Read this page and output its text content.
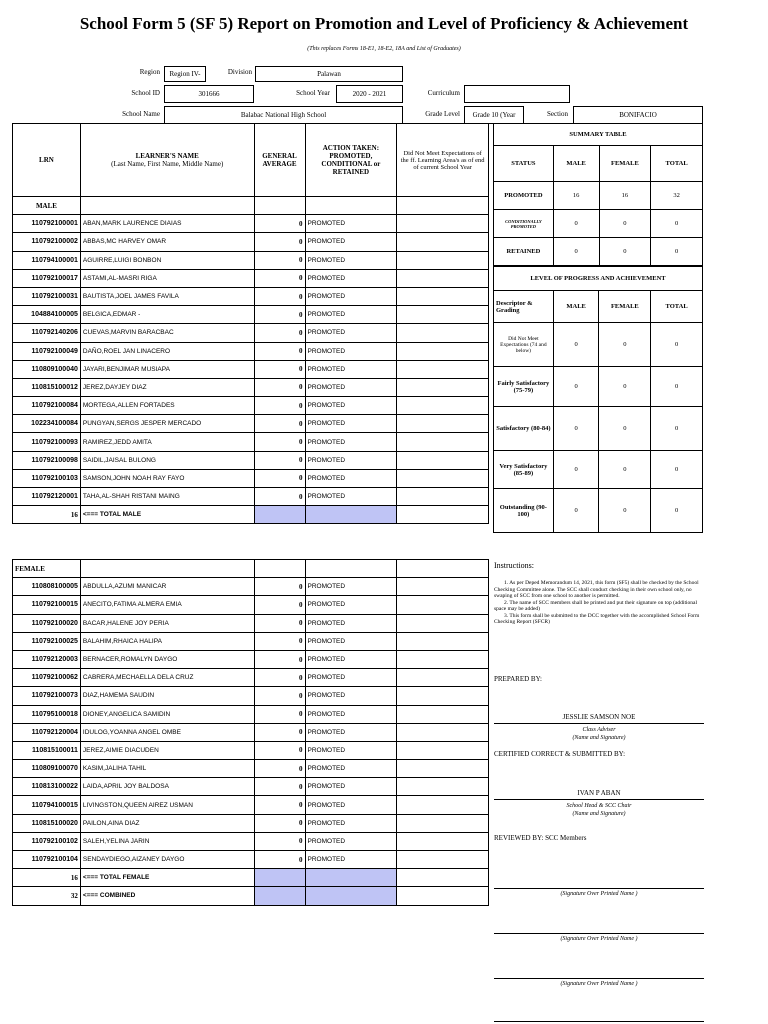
School Form 5 (SF 5) Report on Promotion and Level of Proficiency & Achievement
(This replaces Forms 18-E1, 18-E2, 18A and List of Graduates)
Region	Region IV-	Division	Palawan
School ID	301666	School Year	2020 - 2021	Curriculum
School Name	Balabac National High School	Grade Level	Grade 10 (Year	Section	BONIFACIO
LRN	LEARNER'S NAME
(Last Name, First Name, Middle Name)	GENERAL AVERAGE	ACTION TAKEN: PROMOTED, CONDITIONAL or RETAINED	Did Not Meet Expectations of the ff. Learning Area/s as of end of current School Year
MALE				
110792100001	ABAN,MARK LAURENCE DIAIAS	0	PROMOTED	
110792100002	ABBAS,MC HARVEY OMAR	0	PROMOTED	
110794100001	AGUIRRE,LUIGI BONBON	0	PROMOTED	
110792100017	ASTAMI,AL-MASRI RIGA	0	PROMOTED	
110792100031	BAUTISTA,JOEL JAMES FAVILA	0	PROMOTED	
104884100005	BELGICA,EDMAR -	0	PROMOTED	
110792140206	CUEVAS,MARVIN BARACBAC	0	PROMOTED	
110792100049	DAÑO,ROEL JAN LINACERO	0	PROMOTED	
110809100040	JAYARI,BENJIMAR MUSIAPA	0	PROMOTED	
110815100012	JEREZ,DAYJEY DIAZ	0	PROMOTED	
110792100084	MORTEGA,ALLEN FORTADES	0	PROMOTED	
102234100084	PUNGYAN,SERGS JESPER MERCADO	0	PROMOTED	
110792100093	RAMIREZ,JEDD AMITA	0	PROMOTED	
110792100098	SAIDIL,JAISAL BULONG	0	PROMOTED	
110792100103	SAMSON,JOHN NOAH RAY FAYO	0	PROMOTED	
110792120001	TAHA,AL-SHAH RISTANI MAING	0	PROMOTED	
16	<=== TOTAL MALE			
FEMALE				
110808100005	ABDULLA,AZUMI MANICAR	0	PROMOTED	
110792100015	ANECITO,FATIMA ALMERA EMIA	0	PROMOTED	
110792100020	BACAR,HALENE JOY PERIA	0	PROMOTED	
110792100025	BALAHIM,RHAICA HALIPA	0	PROMOTED	
110792120003	BERNACER,ROMALYN DAYGO	0	PROMOTED	
110792100062	CABRERA,MECHAELLA DELA CRUZ	0	PROMOTED	
110792100073	DIAZ,HAMEMA SAUDIN	0	PROMOTED	
110795100018	DIONEY,ANGELICA SAMIDIN	0	PROMOTED	
110792120004	IDULOG,YOANNA ANGEL OMBE	0	PROMOTED	
110815100011	JEREZ,AIMIE DIACUDEN	0	PROMOTED	
110809100070	KASIM,JALIHA TAHIL	0	PROMOTED	
110813100022	LAIDA,APRIL JOY BALDOSA	0	PROMOTED	
110794100015	LIVINGSTON,QUEEN AIREZ USMAN	0	PROMOTED	
110815100020	PAILON,AINA DIAZ	0	PROMOTED	
110792100102	SALEH,YELINA JARIN	0	PROMOTED	
110792100104	SENDAYDIEGO,AIZANEY DAYGO	0	PROMOTED	
16	<=== TOTAL FEMALE			
32	<=== COMBINED			
SUMMARY TABLE			
STATUS	MALE	FEMALE	TOTAL
PROMOTED	16	16	32
CONDITIONALLY PROMOTED	0	0	0
RETAINED	0	0	0
LEVEL OF PROGRESS AND ACHIEVEMENT			
Descriptor & Grading	MALE	FEMALE	TOTAL
Did Not Meet Expectations (74 and below)	0	0	0
Fairly Satisfactory (75-79)	0	0	0
Satisfactory (80-84)	0	0	0
Very Satisfactory (85-89)	0	0	0
Outstanding (90-100)	0	0	0
Instructions:
1. As per Deped Memorandum 14, 2021, this form (SF5) shall be checked by the School Checking Committee alone. The SCC shall conduct checking in their own school only, no swaping of SCC from one school to another is permitted.
2. The name of SCC members shall be printed and put their signature on top (additional space may be added)
3. This form shall be submitted to the DCC together with the accomplished School Form Checking Report (SFCR)
PREPARED BY:
JESSLIE SAMSON NOE
Class Adviser
(Name and Signature)
CERTIFIED CORRECT & SUBMITTED BY:
IVAN P ABAN
School Head & SCC Chair
(Name and Signature)
REVIEWED BY: SCC Members
(Signature Over Printed Name )
(Signature Over Printed Name )
(Signature Over Printed Name )
